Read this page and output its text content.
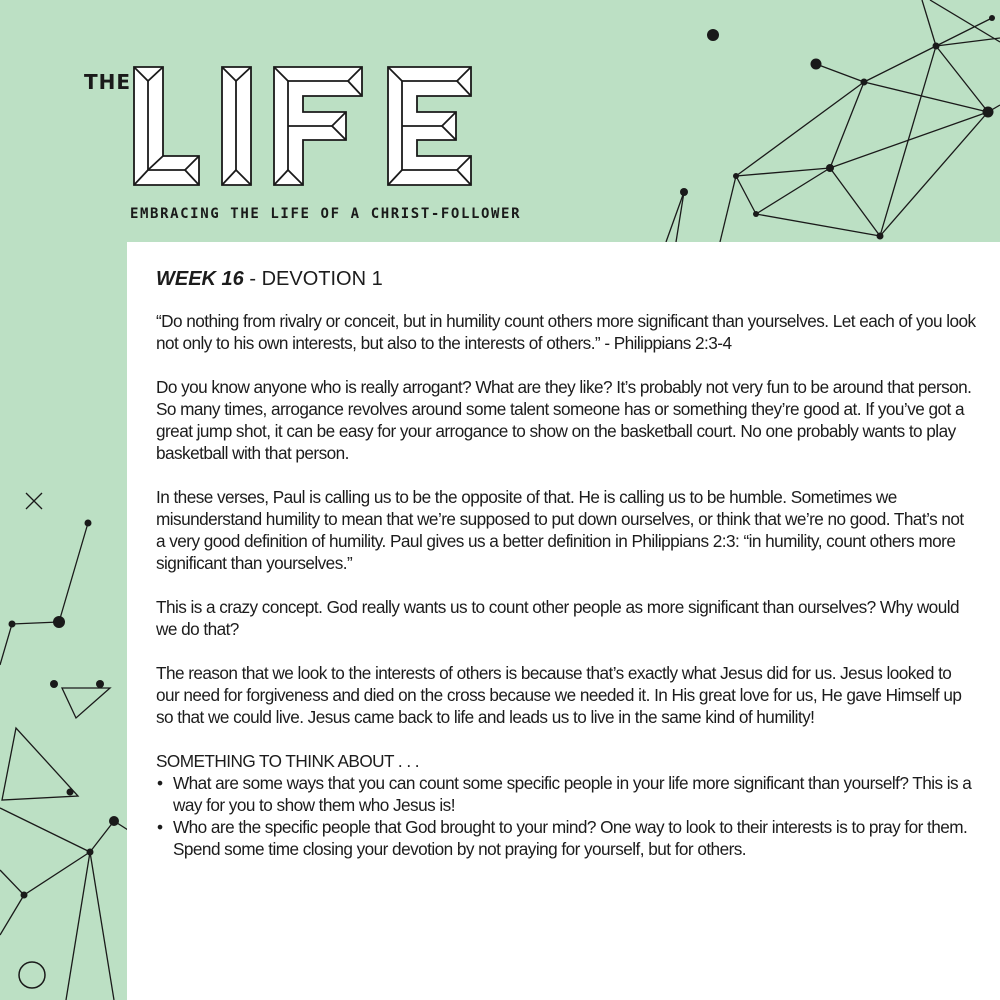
THE
EMBRACING THE LIFE OF A CHRIST-FOLLOWER
WEEK 16 - DEVOTION 1

“Do nothing from rivalry or conceit, but in humility count others more significant than yourselves. Let each of you look not only to his own interests, but also to the interests of others.” - Philippians 2:3-4

Do you know anyone who is really arrogant? What are they like? It’s probably not very fun to be around that person. So many times, arrogance revolves around some talent someone has or something they’re good at. If you’ve got a great jump shot, it can be easy for your arrogance to show on the basketball court. No one probably wants to play basketball with that person.

In these verses, Paul is calling us to be the opposite of that. He is calling us to be humble. Sometimes we misunderstand humility to mean that we’re supposed to put down ourselves, or think that we’re no good. That’s not a very good definition of humility. Paul gives us a better definition in Philippians 2:3: “in humility, count others more significant than yourselves.”

This is a crazy concept. God really wants us to count other people as more significant than ourselves? Why would we do that?

The reason that we look to the interests of others is because that’s exactly what Jesus did for us. Jesus looked to our need for forgiveness and died on the cross because we needed it. In His great love for us, He gave Himself up so that we could live. Jesus came back to life and leads us to live in the same kind of humility!

SOMETHING TO THINK ABOUT . . .
• What are some ways that you can count some specific people in your life more significant than yourself? This is a way for you to show them who Jesus is!
• Who are the specific people that God brought to your mind? One way to look to their interests is to pray for them. Spend some time closing your devotion by not praying for yourself, but for others.
